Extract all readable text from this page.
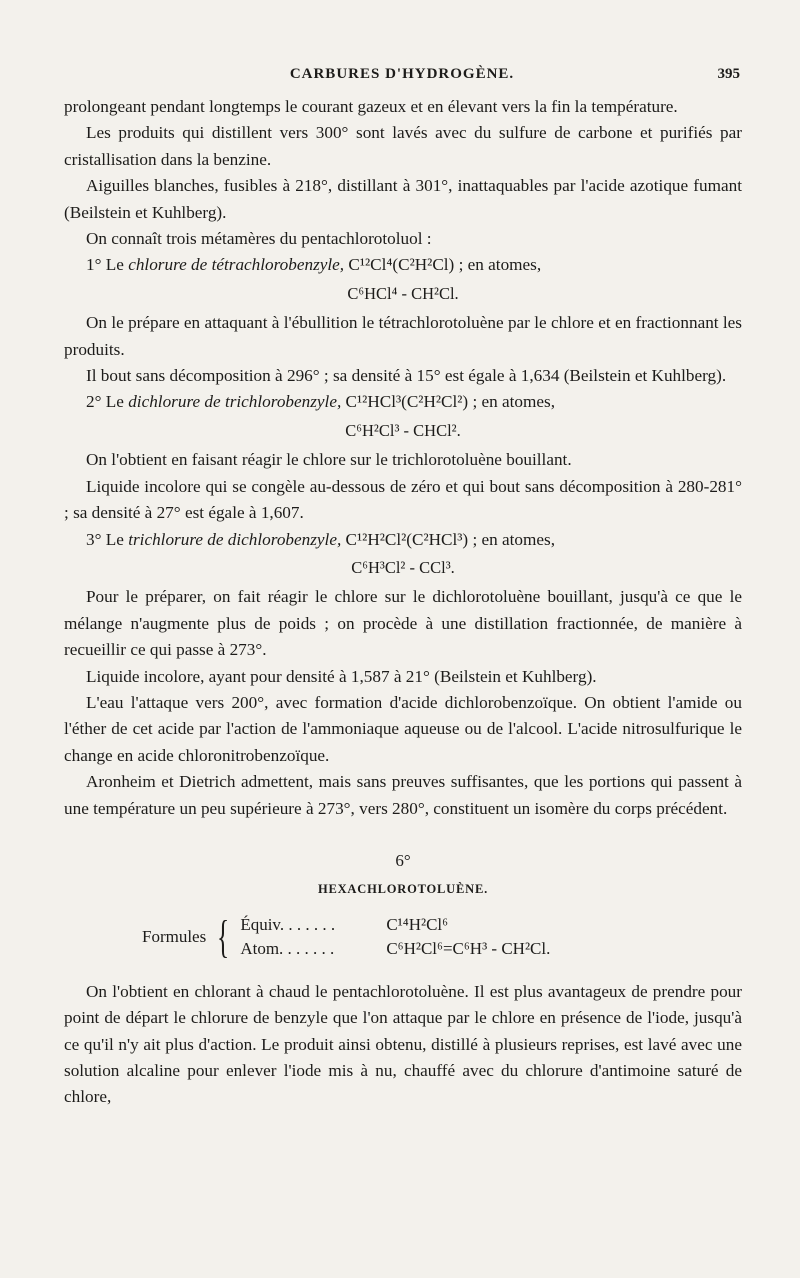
CARBURES D'HYDROGÈNE.	395

prolongeant pendant longtemps le courant gazeux et en élevant vers la fin la température.

Les produits qui distillent vers 300° sont lavés avec du sulfure de carbone et purifiés par cristallisation dans la benzine.

Aiguilles blanches, fusibles à 218°, distillant à 301°, inattaquables par l'acide azotique fumant (Beilstein et Kuhlberg).

On connaît trois métamères du pentachlorotoluol :

1° Le chlorure de tétrachlorobenzyle, C¹²Cl⁴(C²H²Cl) ; en atomes,

C⁶HCl⁴ - CH²Cl.

On le prépare en attaquant à l'ébullition le tétrachlorotoluène par le chlore et en fractionnant les produits.

Il bout sans décomposition à 296° ; sa densité à 15° est égale à 1,634 (Beilstein et Kuhlberg).

2° Le dichlorure de trichlorobenzyle, C¹²HCl³(C²H²Cl²) ; en atomes,

C⁶H²Cl³ - CHCl².

On l'obtient en faisant réagir le chlore sur le trichlorotoluène bouillant.

Liquide incolore qui se congèle au-dessous de zéro et qui bout sans décomposition à 280-281° ; sa densité à 27° est égale à 1,607.

3° Le trichlorure de dichlorobenzyle, C¹²H²Cl²(C²HCl³) ; en atomes,

C⁶H³Cl² - CCl³.

Pour le préparer, on fait réagir le chlore sur le dichlorotoluène bouillant, jusqu'à ce que le mélange n'augmente plus de poids ; on procède à une distillation fractionnée, de manière à recueillir ce qui passe à 273°.

Liquide incolore, ayant pour densité à 1,587 à 21° (Beilstein et Kuhlberg).

L'eau l'attaque vers 200°, avec formation d'acide dichlorobenzoïque. On obtient l'amide ou l'éther de cet acide par l'action de l'ammoniaque aqueuse ou de l'alcool. L'acide nitrosulfurique le change en acide chloronitrobenzoïque.

Aronheim et Dietrich admettent, mais sans preuves suffisantes, que les portions qui passent à une température un peu supérieure à 273°, vers 280°, constituent un isomère du corps précédent.

6°
HEXACHLOROTOLUÈNE.
Formules { Équiv. . . . . . .	C¹⁴H²Cl⁶
Atom. . . . . . .	C⁶H²Cl⁶=C⁶H³ - CH²Cl.

On l'obtient en chlorant à chaud le pentachlorotoluène. Il est plus avantageux de prendre pour point de départ le chlorure de benzyle que l'on attaque par le chlore en présence de l'iode, jusqu'à ce qu'il n'y ait plus d'action. Le produit ainsi obtenu, distillé à plusieurs reprises, est lavé avec une solution alcaline pour enlever l'iode mis à nu, chauffé avec du chlorure d'antimoine saturé de chlore,
